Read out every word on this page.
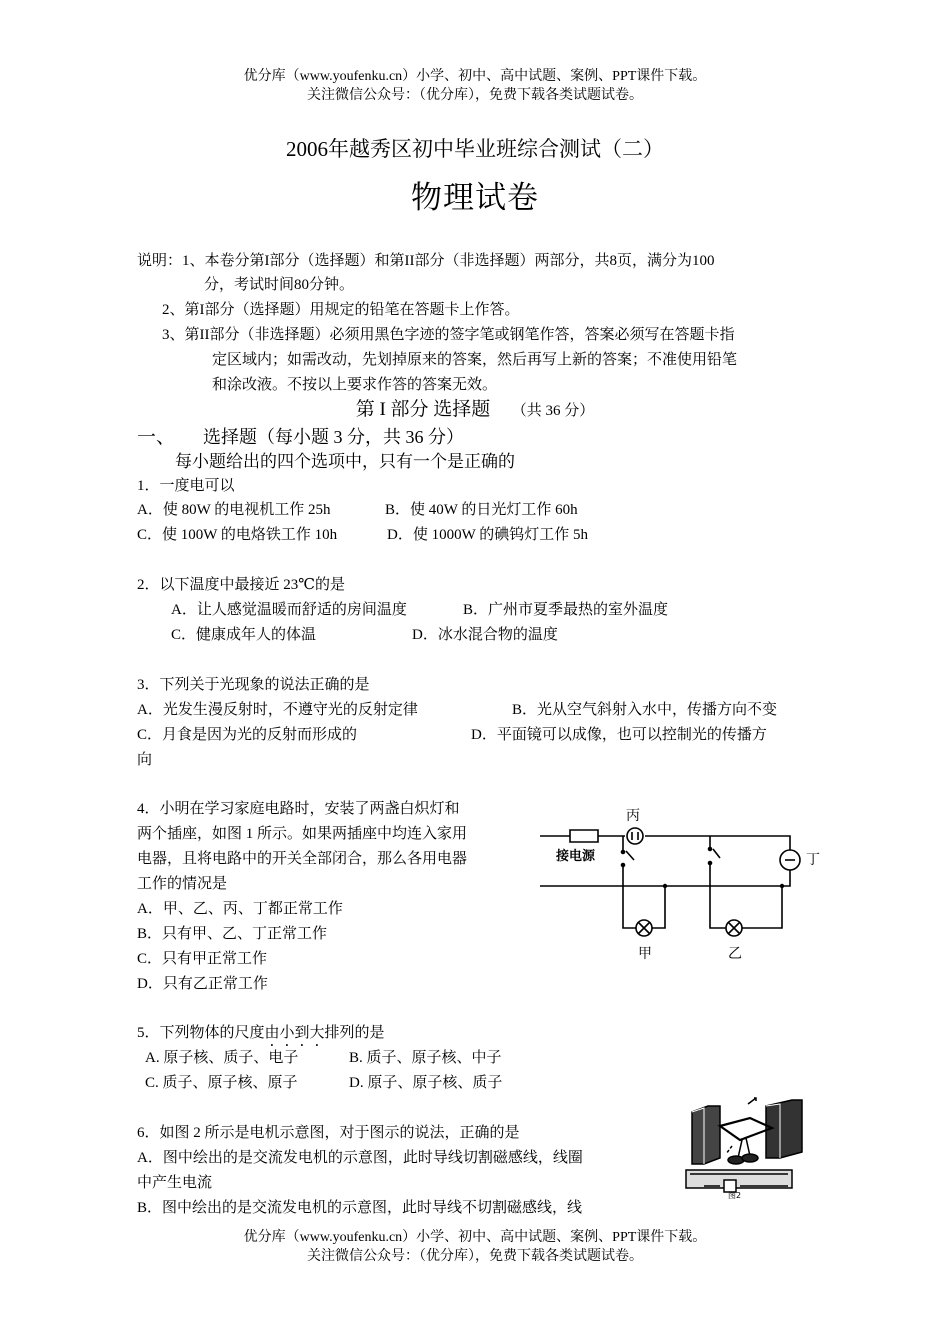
优分库（www.youfenku.cn）小学、初中、高中试题、案例、PPT课件下载。
关注微信公众号：（优分库），免费下载各类试题试卷。
2006年越秀区初中毕业班综合测试（二）
物理试卷
说明：1、本卷分第I部分（选择题）和第II部分（非选择题）两部分，共8页，满分为100
分，考试时间80分钟。
2、第I部分（选择题）用规定的铅笔在答题卡上作答。
3、第II部分（非选择题）必须用黑色字迹的签字笔或钢笔作答，答案必须写在答题卡指
定区域内；如需改动，先划掉原来的答案，然后再写上新的答案；不准使用铅笔
和涂改液。不按以上要求作答的答案无效。
第 I 部分 选择题 （共 36 分）
一、 选择题（每小题 3 分，共 36 分）
每小题给出的四个选项中，只有一个是正确的
1．一度电可以
A．使 80W 的电视机工作 25h	B．使 40W 的日光灯工作 60h
C．使 100W 的电烙铁工作 10h	D．使 1000W 的碘钨灯工作 5h
2．以下温度中最接近 23℃的是
A．让人感觉温暖而舒适的房间温度	B．广州市夏季最热的室外温度
C．健康成年人的体温	D．冰水混合物的温度
3．下列关于光现象的说法正确的是
A．光发生漫反射时，不遵守光的反射定律	B．光从空气斜射入水中，传播方向不变
C．月食是因为光的反射而形成的	D．平面镜可以成像，也可以控制光的传播方
向
4．小明在学习家庭电路时，安装了两盏白炽灯和
两个插座，如图 1 所示。如果两插座中均连入家用
电器，且将电路中的开关全部闭合，那么各用电器
工作的情况是
A．甲、乙、丙、丁都正常工作
B．只有甲、乙、丁正常工作
C．只有甲正常工作
D．只有乙正常工作
接电源
丙
丁
甲	乙
5．下列物体的尺度由小到大排列的是
A. 原子核、质子、电子	B. 质子、原子核、中子
C. 质子、原子核、原子	D. 原子、原子核、质子
6．如图 2 所示是电机示意图，对于图示的说法，正确的是
A．图中绘出的是交流发电机的示意图，此时导线切割磁感线，线圈
中产生电流
B．图中绘出的是交流发电机的示意图，此时导线不切割磁感线，线
图2
优分库（www.youfenku.cn）小学、初中、高中试题、案例、PPT课件下载。
关注微信公众号：（优分库），免费下载各类试题试卷。
